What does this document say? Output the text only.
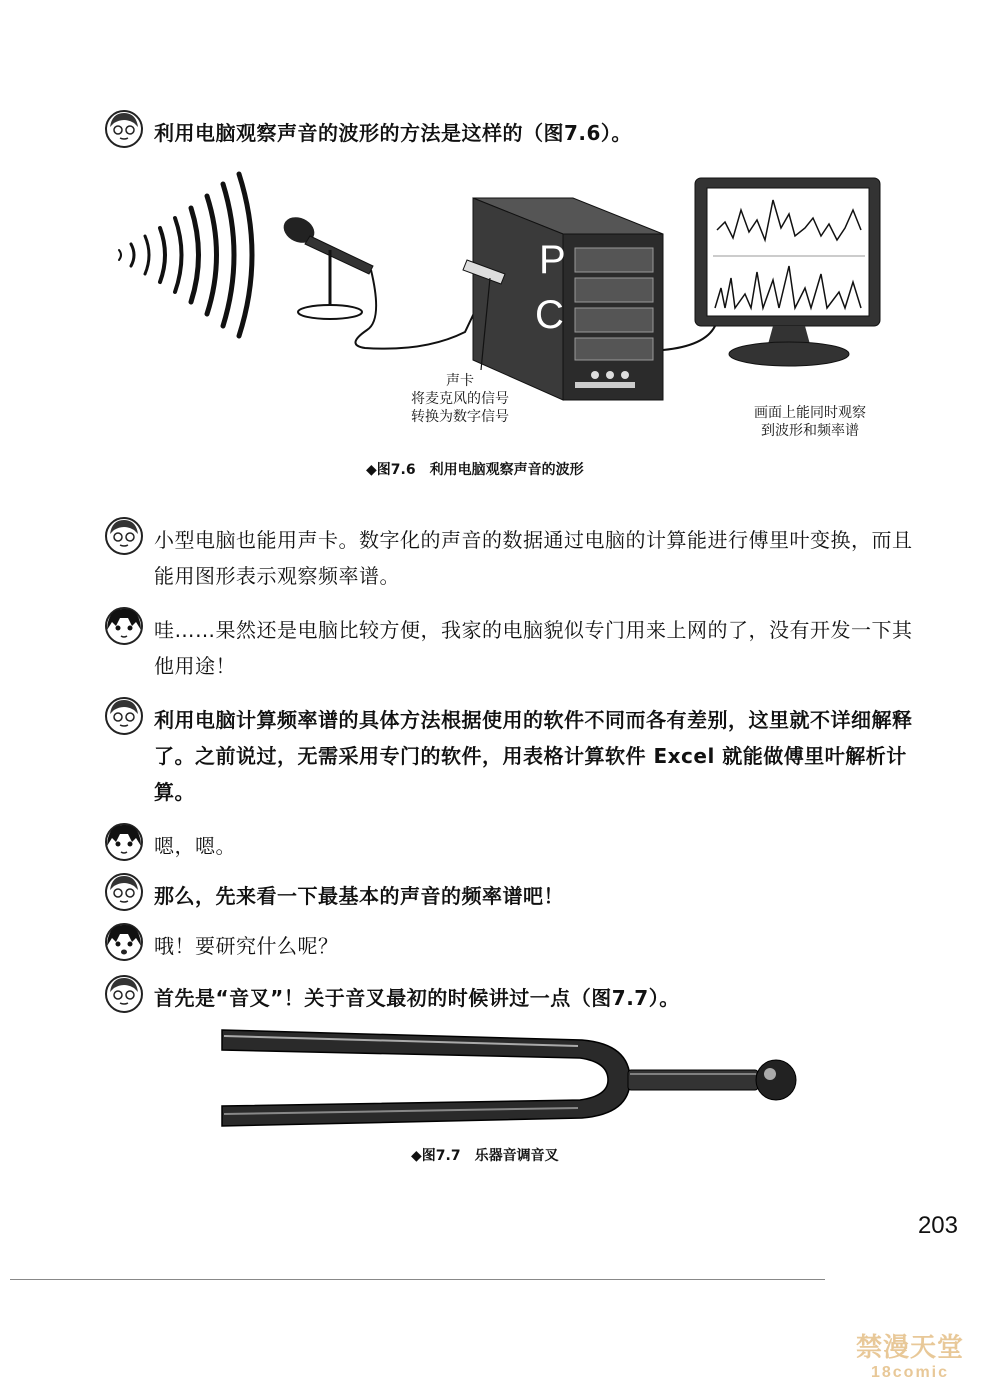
利用电脑观察声音的波形的方法是这样的（图7.6）。
P
C
声卡
将麦克风的信号
转换为数字信号	画面上能同时观察
到波形和频率谱
◆图7.6　利用电脑观察声音的波形
小型电脑也能用声卡。数字化的声音的数据通过电脑的计算能进行傅里叶变换，而且能用图形表示观察频率谱。
哇……果然还是电脑比较方便，我家的电脑貌似专门用来上网的了，没有开发一下其他用途！
利用电脑计算频率谱的具体方法根据使用的软件不同而各有差别，这里就不详细解释了。之前说过，无需采用专门的软件，用表格计算软件 Excel 就能做傅里叶解析计算。
嗯，嗯。
那么，先来看一下最基本的声音的频率谱吧！
哦！要研究什么呢？
首先是“音叉”！关于音叉最初的时候讲过一点（图7.7）。
◆图7.7　乐器音调音叉
203
禁漫天堂
18comic
